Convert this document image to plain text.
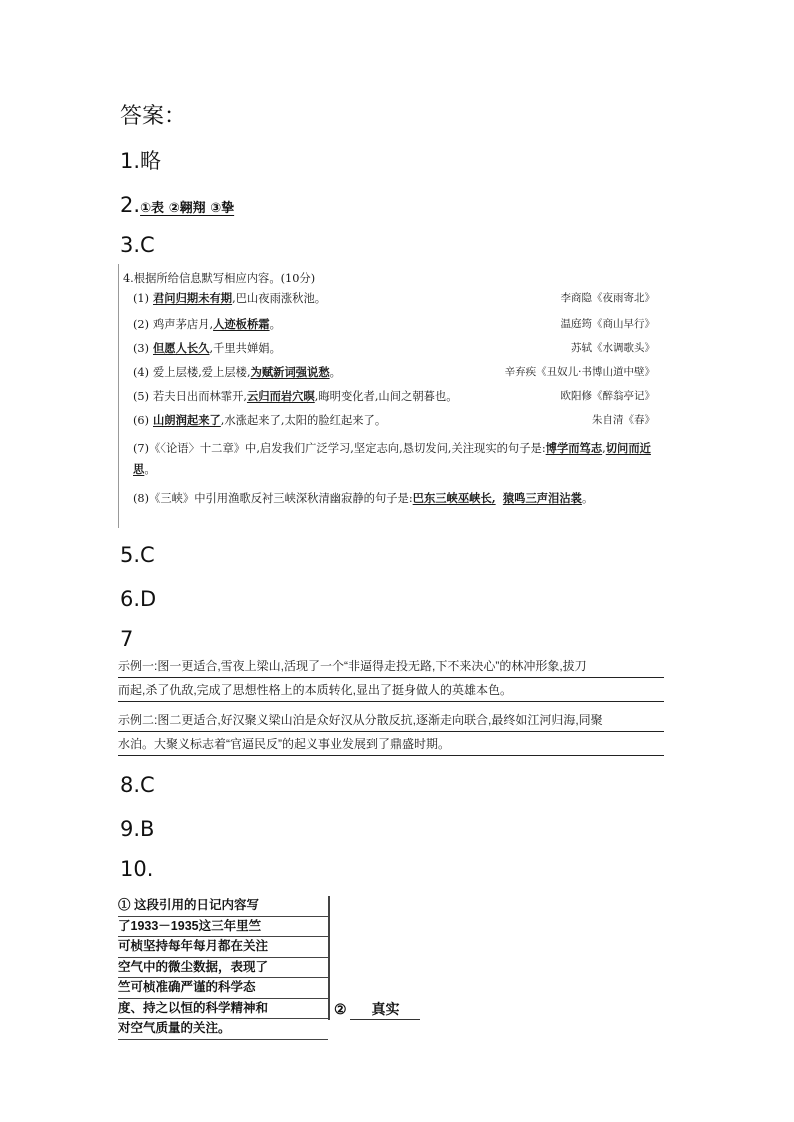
答案：
1.略
2.①表 ②翱翔 ③挚
3.C
4.根据所给信息默写相应内容。(10分)
(1) 君问归期未有期,巴山夜雨涨秋池。	李商隐《夜雨寄北》
(2) 鸡声茅店月,人迹板桥霜。	温庭筠《商山早行》
(3) 但愿人长久,千里共婵娟。	苏轼《水调歌头》
(4) 爱上层楼,爱上层楼,为赋新词强说愁。	辛弃疾《丑奴儿·书博山道中壁》
(5) 若夫日出而林霏开,云归而岩穴暝,晦明变化者,山间之朝暮也。	欧阳修《醉翁亭记》
(6) 山朗润起来了,水涨起来了,太阳的脸红起来了。	朱自清《春》
(7)《〈论语〉十二章》中,启发我们广泛学习,坚定志向,恳切发问,关注现实的句子是:博学而笃志,切问而近思。
(8)《三峡》中引用渔歌反衬三峡深秋清幽寂静的句子是:巴东三峡巫峡长, 猿鸣三声泪沾裳。
5.C
6.D
7
示例一:图一更适合,雪夜上梁山,活现了一个“非逼得走投无路,下不来决心”的林冲形象,拔刀
而起,杀了仇敌,完成了思想性格上的本质转化,显出了挺身做人的英雄本色。
示例二:图二更适合,好汉聚义梁山泊是众好汉从分散反抗,逐渐走向联合,最终如江河归海,同聚
水泊。大聚义标志着“官逼民反”的起义事业发展到了鼎盛时期。
8.C
9.B
10.
① 这段引用的日记内容写
了1933－1935这三年里竺
可桢坚持每年每月都在关注
空气中的微尘数据，表现了
竺可桢准确严谨的科学态
度、持之以恒的科学精神和
对空气质量的关注。
② 真实
